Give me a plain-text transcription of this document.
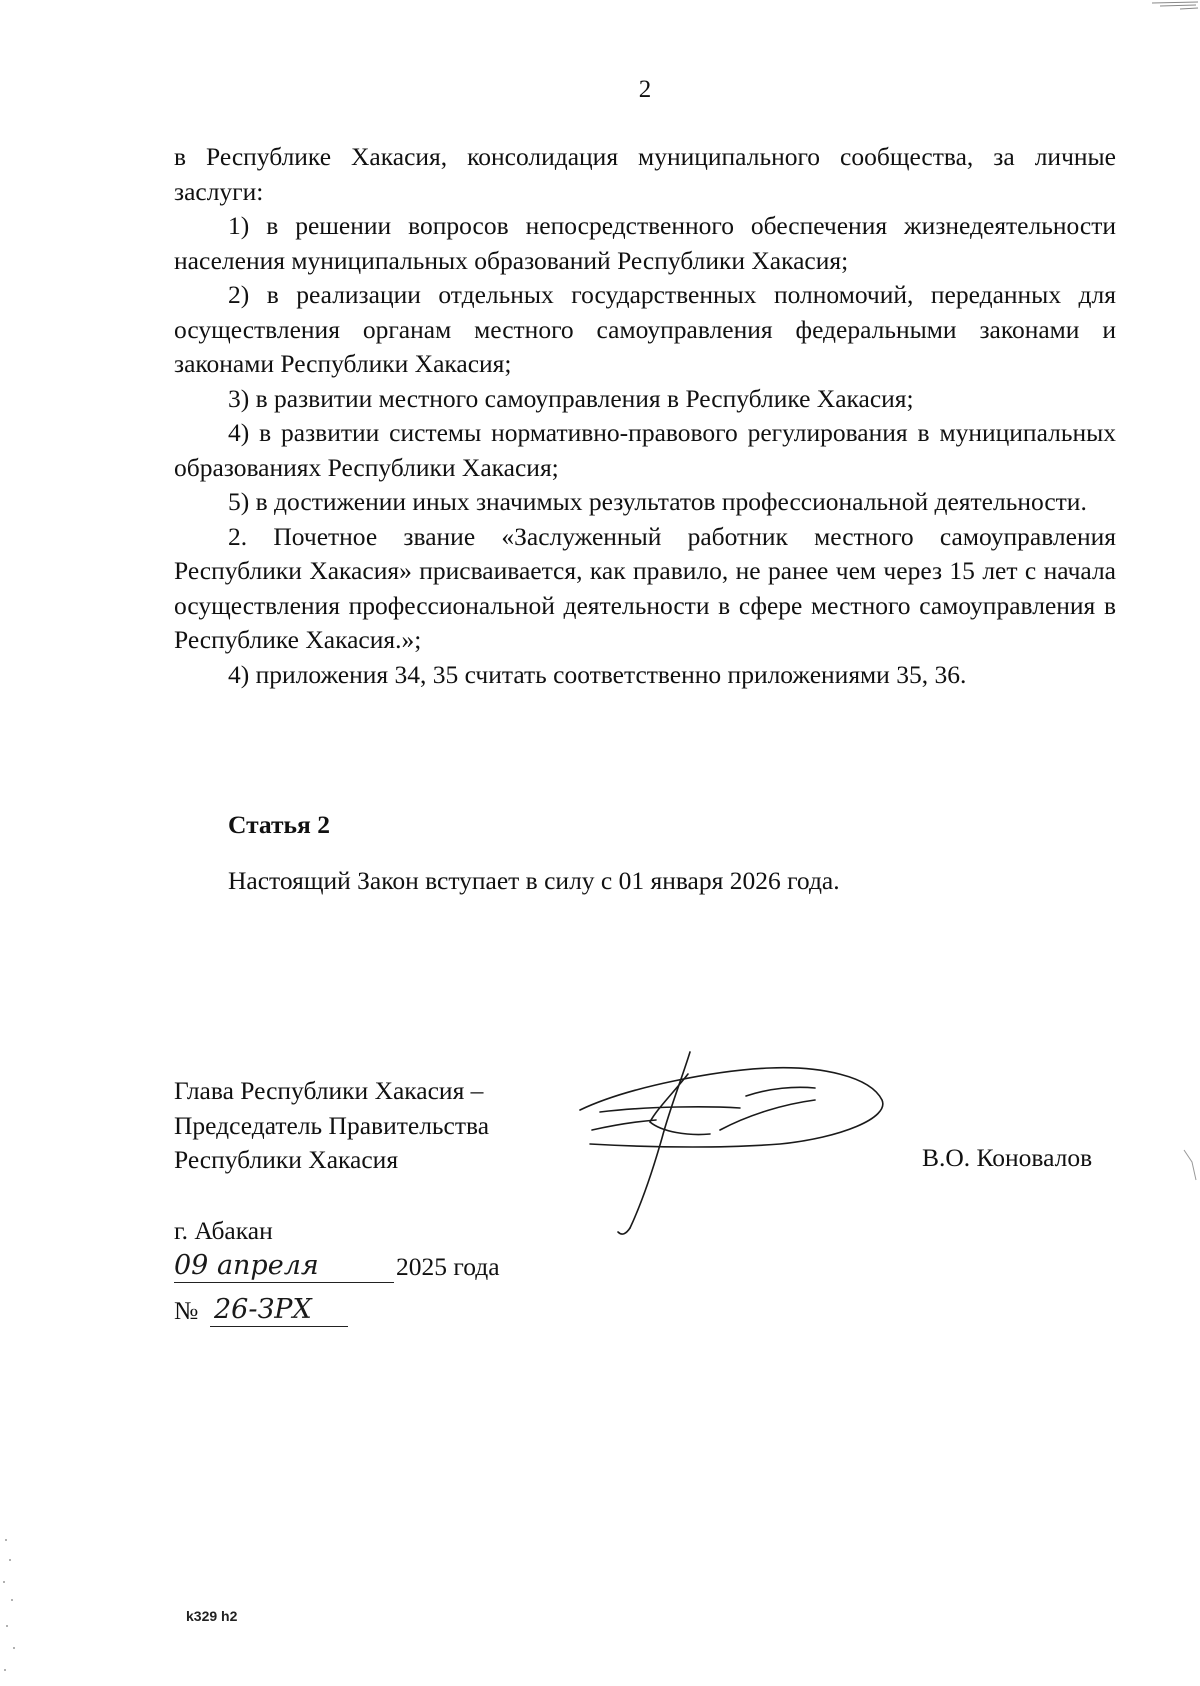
2

в Республике Хакасия, консолидация муниципального сообщества, за личные заслуги:

1) в решении вопросов непосредственного обеспечения жизнедеятельности населения муниципальных образований Республики Хакасия;

2) в реализации отдельных государственных полномочий, переданных для осуществления органам местного самоуправления федеральными законами и законами Республики Хакасия;

3) в развитии местного самоуправления в Республике Хакасия;

4) в развитии системы нормативно-правового регулирования в муниципальных образованиях Республики Хакасия;

5) в достижении иных значимых результатов профессиональной деятельности.

2. Почетное звание «Заслуженный работник местного самоуправления Республики Хакасия» присваивается, как правило, не ранее чем через 15 лет с начала осуществления профессиональной деятельности в сфере местного самоуправления в Республике Хакасия.»;

4) приложения 34, 35 считать соответственно приложениями 35, 36.

Статья 2
Настоящий Закон вступает в силу с 01 января 2026 года.
Глава Республики Хакасия –
Председатель Правительства
Республики Хакасия	В.О. Коновалов
г. Абакан
09 апреля	2025 года
№ 26-ЗРХ
k329 h2
